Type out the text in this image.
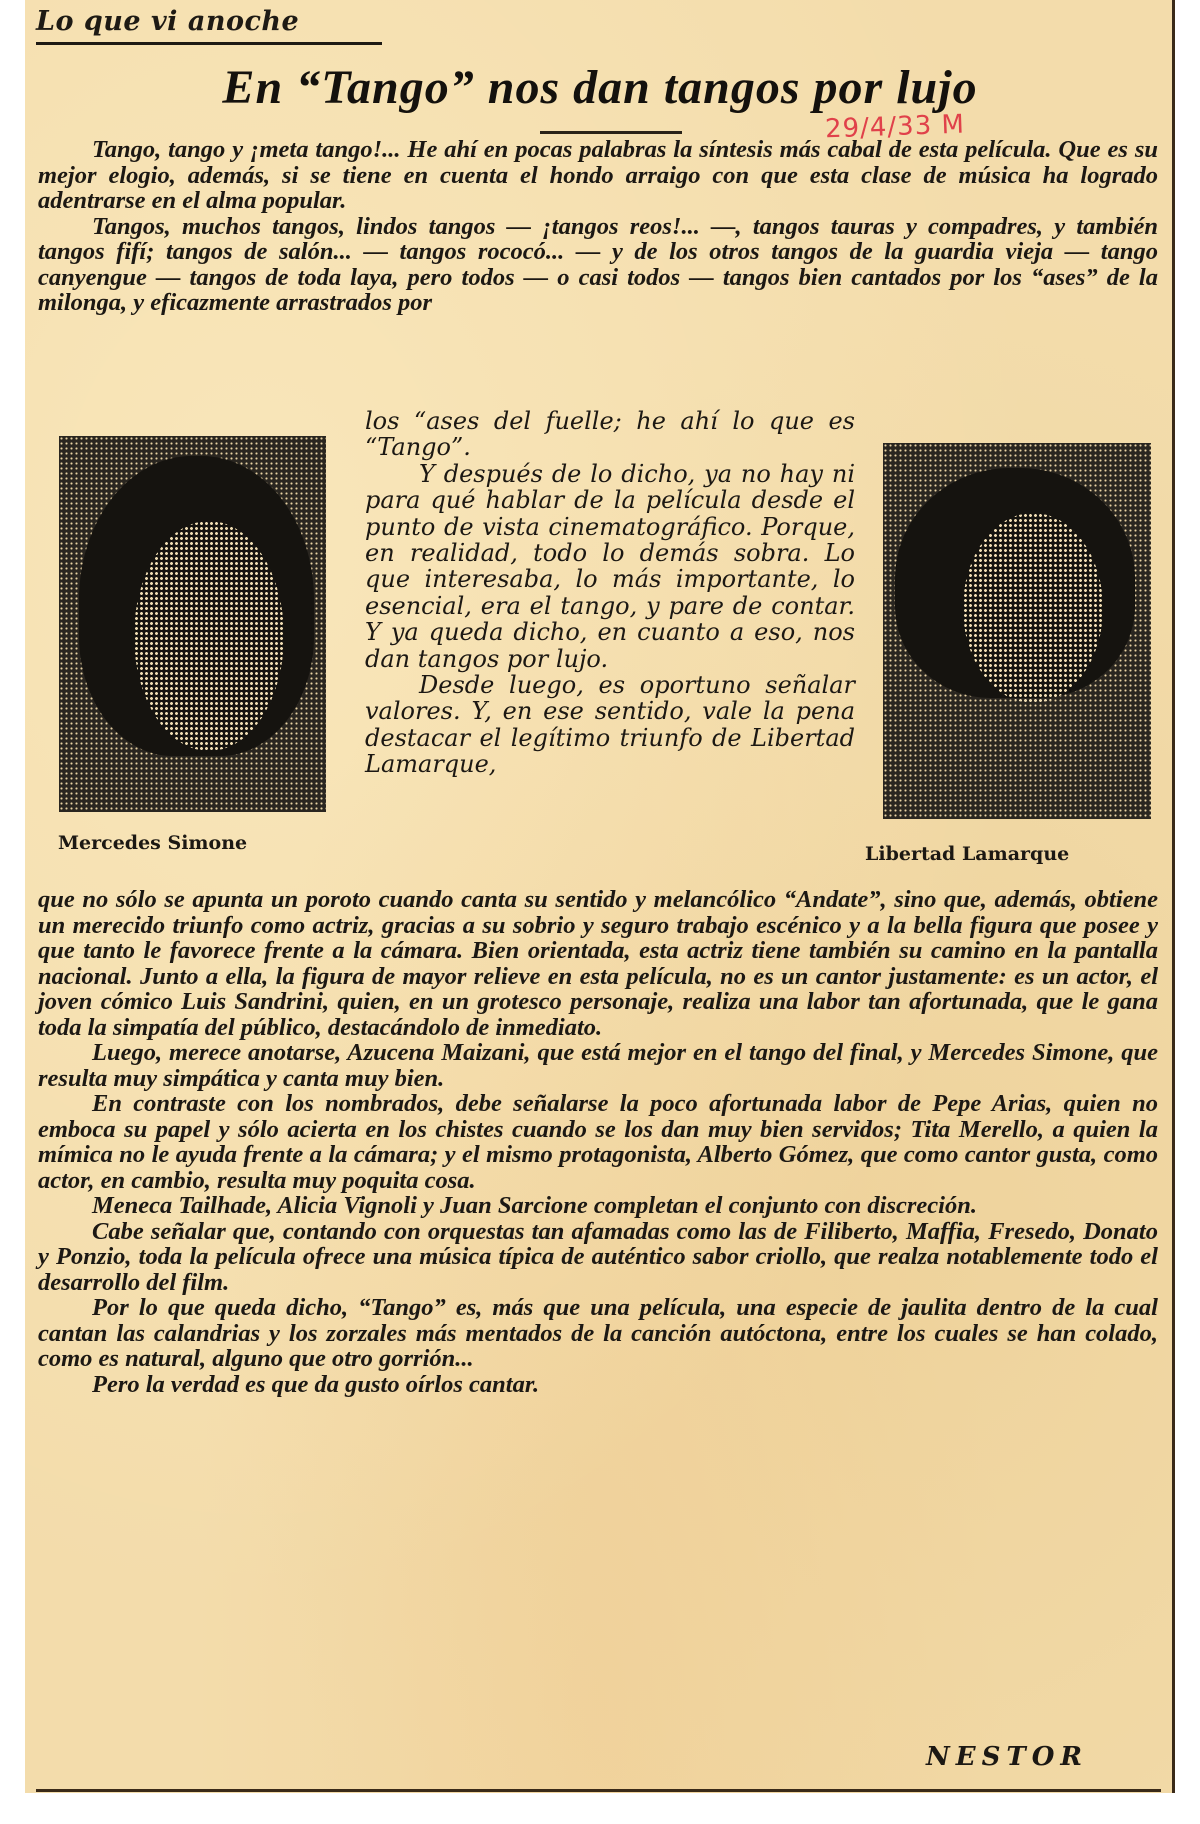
Lo que vi anoche
En “Tango” nos dan tangos por lujo
29/4/33 M

Tango, tango y ¡meta tango!... He ahí en pocas palabras la síntesis más cabal de esta película. Que es su mejor elogio, además, si se tiene en cuenta el hondo arraigo con que esta clase de música ha logrado adentrarse en el alma popular.

Tangos, muchos tangos, lindos tangos — ¡tangos reos!... —, tangos tauras y compadres, y también tangos fifí; tangos de salón... — tangos rococó... — y de los otros tangos de la guardia vieja — tango canyengue — tangos de toda laya, pero todos — o casi todos — tangos bien cantados por los “ases” de la milonga, y eficazmente arrastrados por

Mercedes Simone

los “ases del fuelle; he ahí lo que es “Tango”.

Y después de lo dicho, ya no hay ni para qué hablar de la película desde el punto de vista cinematográfico. Porque, en realidad, todo lo demás sobra. Lo que interesaba, lo más importante, lo esencial, era el tango, y pare de contar. Y ya queda dicho, en cuanto a eso, nos dan tangos por lujo.

Desde luego, es oportuno señalar valores. Y, en ese sentido, vale la pena destacar el legítimo triunfo de Libertad Lamarque,

Libertad Lamarque

que no sólo se apunta un poroto cuando canta su sentido y melancólico “Andate”, sino que, además, obtiene un merecido triunfo como actriz, gracias a su sobrio y seguro trabajo escénico y a la bella figura que posee y que tanto le favorece frente a la cámara. Bien orientada, esta actriz tiene también su camino en la pantalla nacional. Junto a ella, la figura de mayor relieve en esta película, no es un cantor justamente: es un actor, el joven cómico Luis Sandrini, quien, en un grotesco personaje, realiza una labor tan afortunada, que le gana toda la simpatía del público, destacándolo de inmediato.

Luego, merece anotarse, Azucena Maizani, que está mejor en el tango del final, y Mercedes Simone, que resulta muy simpática y canta muy bien.

En contraste con los nombrados, debe señalarse la poco afortunada labor de Pepe Arias, quien no emboca su papel y sólo acierta en los chistes cuando se los dan muy bien servidos; Tita Merello, a quien la mímica no le ayuda frente a la cámara; y el mismo protagonista, Alberto Gómez, que como cantor gusta, como actor, en cambio, resulta muy poquita cosa.

Meneca Tailhade, Alicia Vignoli y Juan Sarcione completan el conjunto con discreción.

Cabe señalar que, contando con orquestas tan afamadas como las de Filiberto, Maffia, Fresedo, Donato y Ponzio, toda la película ofrece una música típica de auténtico sabor criollo, que realza notablemente todo el desarrollo del film.

Por lo que queda dicho, “Tango” es, más que una película, una especie de jaulita dentro de la cual cantan las calandrias y los zorzales más mentados de la canción autóctona, entre los cuales se han colado, como es natural, alguno que otro gorrión...

Pero la verdad es que da gusto oírlos cantar.

NESTOR
